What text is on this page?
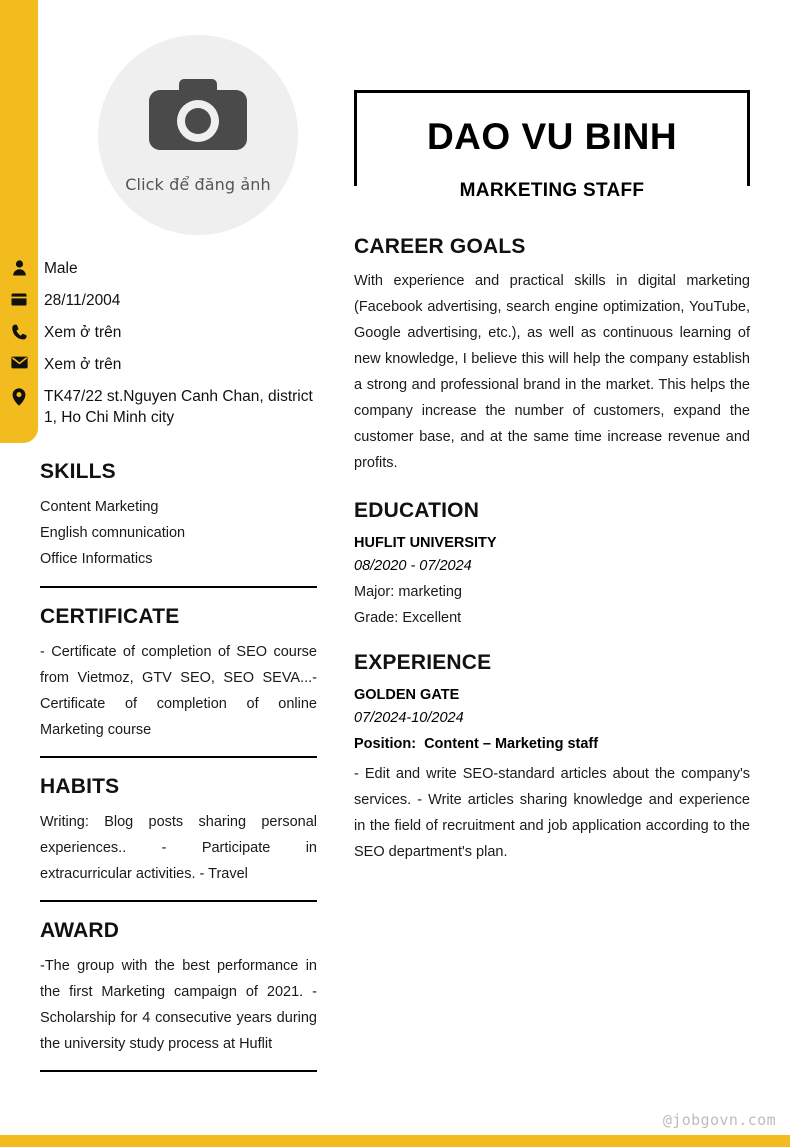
Click để đăng ảnh
Male
28/11/2004
Xem ở trên
Xem ở trên
TK47/22 st.Nguyen Canh Chan, district 1, Ho Chi Minh city
SKILLS
Content Marketing
English comnunication
Office Informatics
CERTIFICATE
- Certificate of completion of SEO course from Vietmoz, GTV SEO, SEO SEVA...- Certificate of completion of online Marketing course
HABITS
Writing: Blog posts sharing personal experiences.. - Participate in extracurricular activities. - Travel
AWARD
-The group with the best performance in the first Marketing campaign of 2021. - Scholarship for 4 consecutive years during the university study process at Huflit
DAO VU BINH
MARKETING STAFF
CAREER GOALS
With experience and practical skills in digital marketing (Facebook advertising, search engine optimization, YouTube, Google advertising, etc.), as well as continuous learning of new knowledge, I believe this will help the company establish a strong and professional brand in the market. This helps the company increase the number of customers, expand the customer base, and at the same time increase revenue and profits.
EDUCATION
HUFLIT UNIVERSITY
08/2020 - 07/2024
Major: marketing
Grade: Excellent
EXPERIENCE
GOLDEN GATE
07/2024-10/2024
Position:  Content – Marketing staff
- Edit and write SEO-standard articles about the company's services. - Write articles sharing knowledge and experience in the field of recruitment and job application according to the SEO department's plan.
@jobgovn.com
